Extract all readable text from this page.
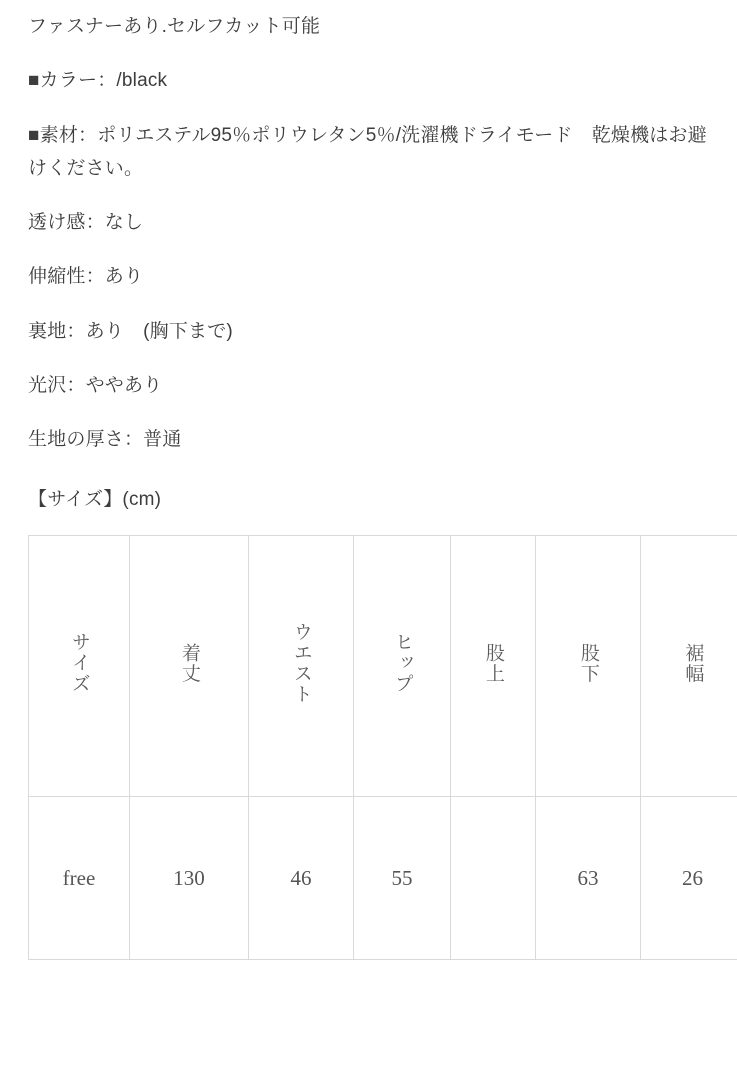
ファスナーあり.セルフカット可能

■カラー：/black

■素材：ポリエステル95％ポリウレタン5％/洗濯機ドライモード　乾燥機はお避けください。

透け感：なし

伸縮性：あり

裏地：あり　(胸下まで)

光沢：ややあり

生地の厚さ：普通

【サイズ】(cm)

サイズ	着丈	ウエスト	ヒップ	股上	股下	裾幅
free	130	46	55		63	26
